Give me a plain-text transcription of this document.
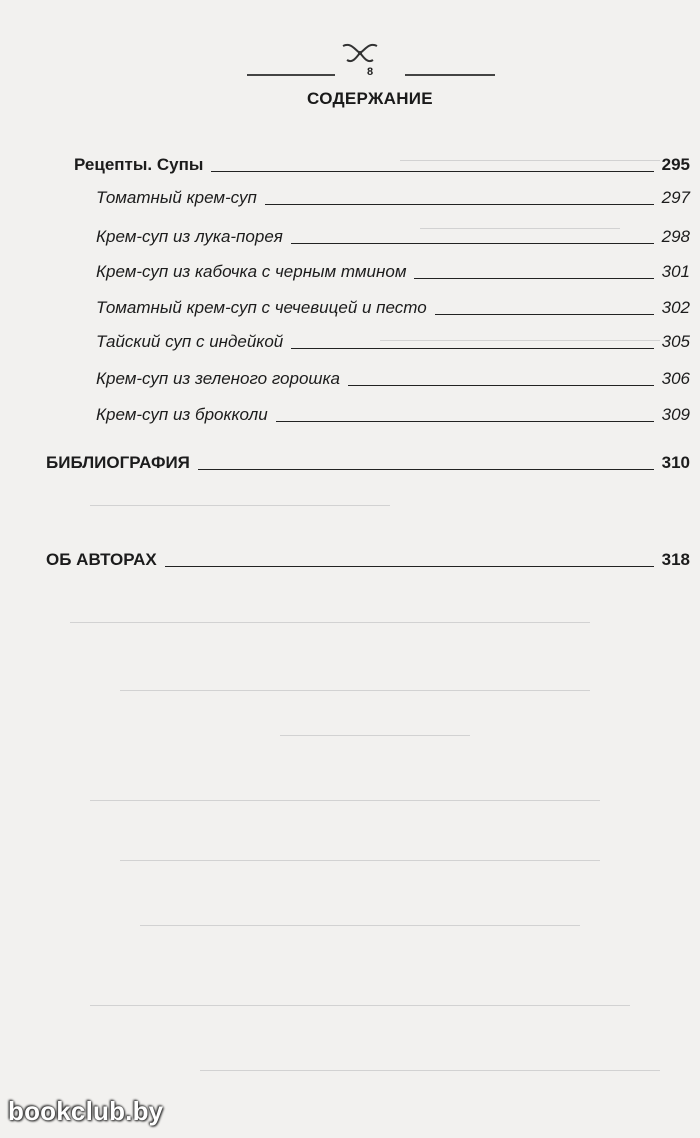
8
СОДЕРЖАНИЕ
Рецепты. Супы	295
Томатный крем-суп	297
Крем-суп из лука-порея	298
Крем-суп из кабочка с черным тмином	301
Томатный крем-суп с чечевицей и песто	302
Тайский суп с индейкой	305
Крем-суп из зеленого горошка	306
Крем-суп из брокколи	309
БИБЛИОГРАФИЯ	310
ОБ АВТОРАХ	318
bookclub.by
